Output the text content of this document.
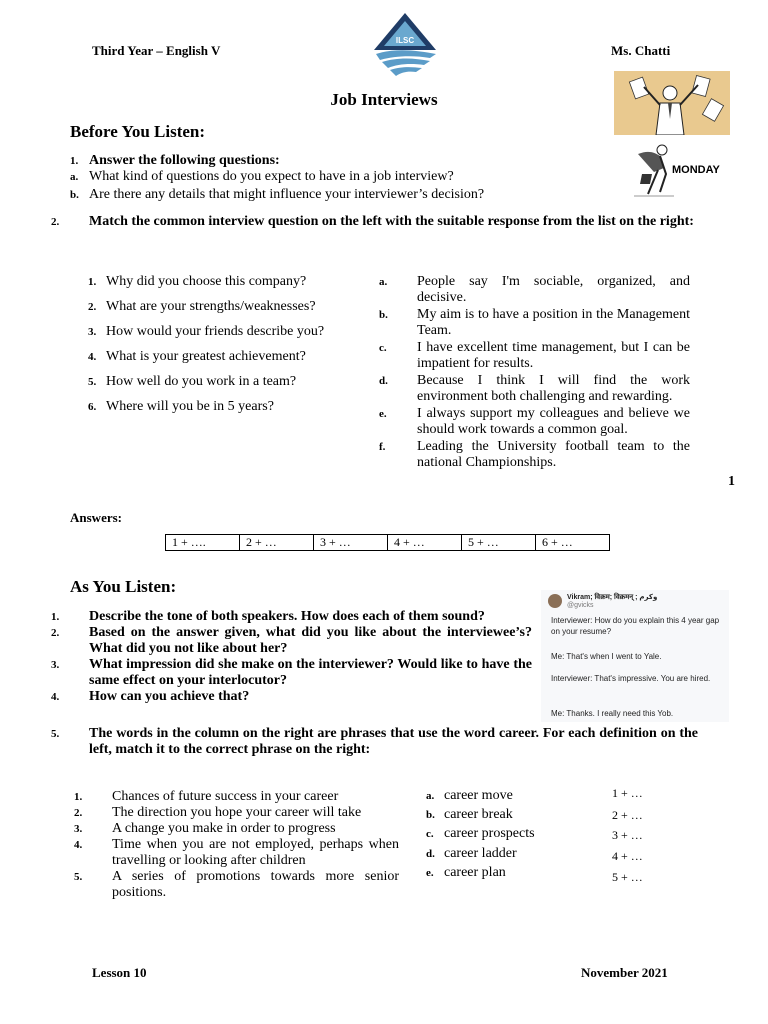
Third Year – English V	Ms. Chatti
ILSC
Job Interviews
MONDAY
Before You Listen:
1. Answer the following questions:
a. What kind of questions do you expect to have in a job interview?
b. Are there any details that might influence your interviewer’s decision?
2. Match the common interview question on the left with the suitable response from the list on the right:
1. Why did you choose this company?
2. What are your strengths/weaknesses?
3. How would your friends describe you?
4. What is your greatest achievement?
5. How well do you work in a team?
6. Where will you be in 5 years?
a. People say I'm sociable, organized, and decisive.
b. My aim is to have a position in the Management Team.
c. I have excellent time management, but I can be impatient for results.
d. Because I think I will find the work environment both challenging and rewarding.
e. I always support my colleagues and believe we should work towards a common goal.
f. Leading the University football team to the national Championships.
1
Answers:
1 + ….	2 + …	3 + …	4 + …	5 + …	6 + …
As You Listen:
1. Describe the tone of both speakers. How does each of them sound?
2. Based on the answer given, what did you like about the interviewee’s? What did you not like about her?
3. What impression did she make on the interviewer? Would like to have the same effect on your interlocutor?
4. How can you achieve that?
Vikram; विक्रम; विक्रमन् ; وكرم
@gvicks

Interviewer: How do you explain this 4 year gap on your resume?

Me: That's when I went to Yale.

Interviewer: That's impressive. You are hired.

Me: Thanks. I really need this Yob.

5. The words in the column on the right are phrases that use the word career. For each definition on the left, match it to the correct phrase on the right:
1. Chances of future success in your career
2. The direction you hope your career will take
3. A change you make in order to progress
4. Time when you are not employed, perhaps when travelling or looking after children
5. A series of promotions towards more senior positions.
a. career move
b. career break
c. career prospects
d. career ladder
e. career plan
1 + …
2 + …
3 + …
4 + …
5 + …
Lesson 10	November 2021
